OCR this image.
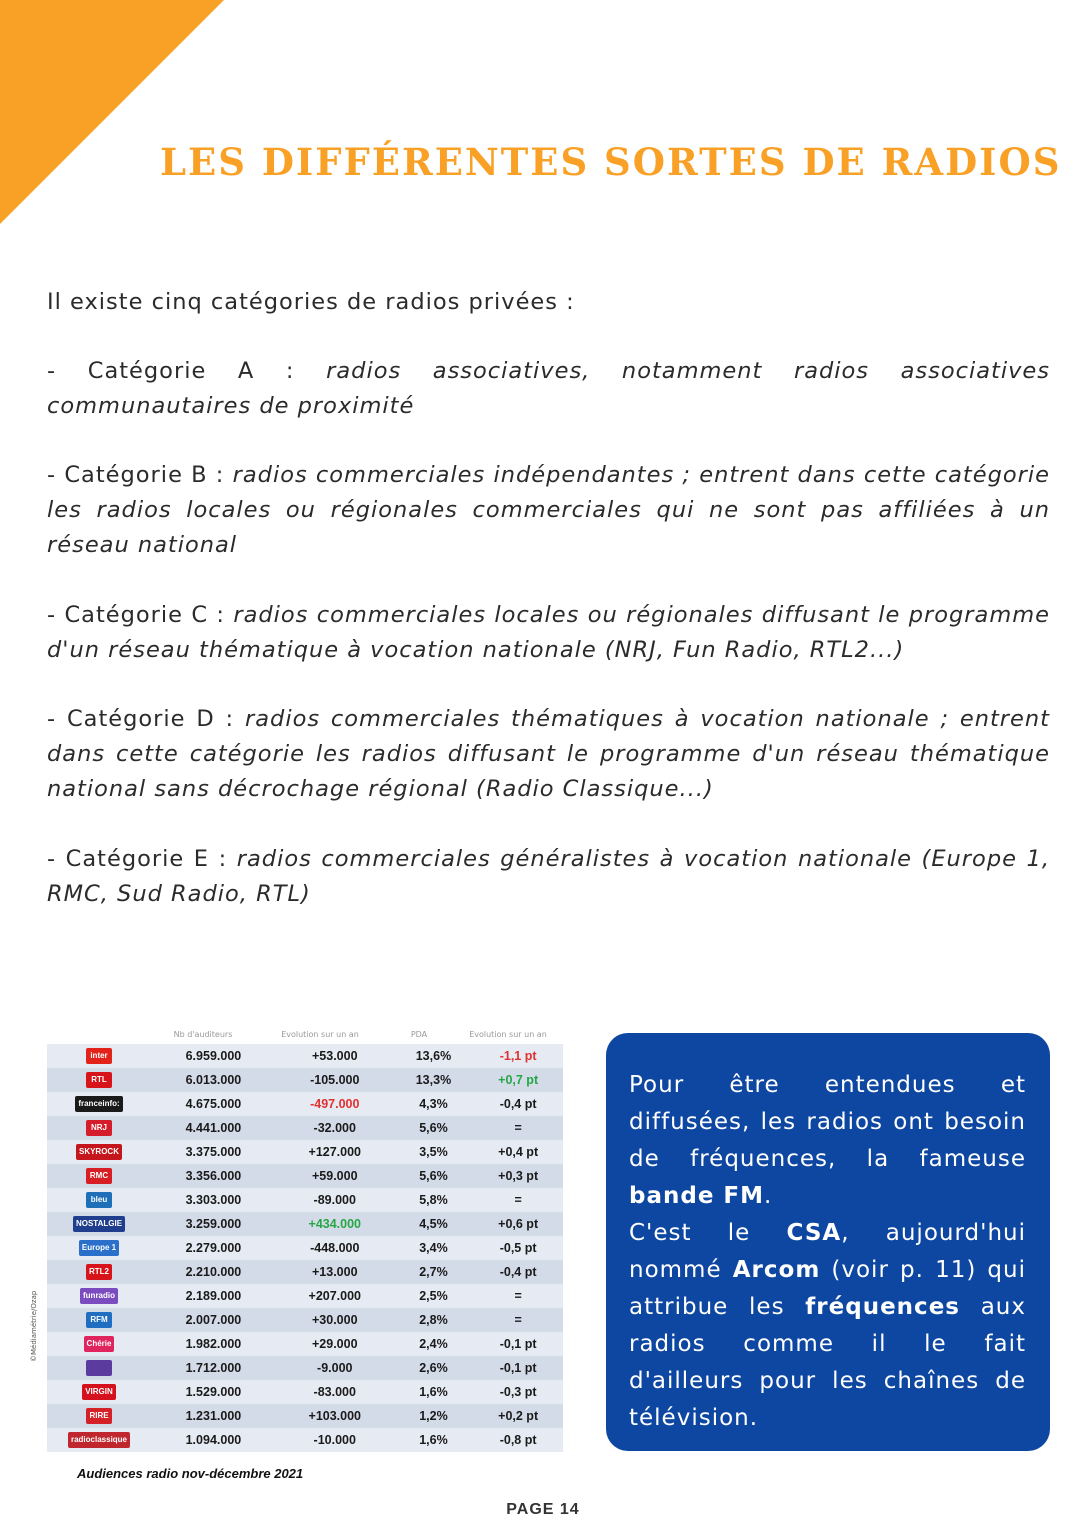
LES DIFFÉRENTES SORTES DE RADIOS

Il existe cinq catégories de radios privées :

- Catégorie A : radios associatives, notamment radios associatives communautaires de proximité

- Catégorie B : radios commerciales indépendantes ; entrent dans cette catégorie les radios locales ou régionales commerciales qui ne sont pas affiliées à un réseau national

- Catégorie C : radios commerciales locales ou régionales diffusant le programme d'un réseau thématique à vocation nationale (NRJ, Fun Radio, RTL2...)

- Catégorie D : radios commerciales thématiques à vocation nationale ; entrent dans cette catégorie les radios diffusant le programme d'un réseau thématique national sans décrochage régional (Radio Classique...)

- Catégorie E : radios commerciales généralistes à vocation nationale (Europe 1, RMC, Sud Radio, RTL)

Nb d'auditeurs	Evolution sur un an	PDA	Evolution sur un an
inter	6.959.000	+53.000	13,6%	-1,1 pt
RTL	6.013.000	-105.000	13,3%	+0,7 pt
franceinfo:	4.675.000	-497.000	4,3%	-0,4 pt
NRJ	4.441.000	-32.000	5,6%	=
SKYROCK	3.375.000	+127.000	3,5%	+0,4 pt
RMC	3.356.000	+59.000	5,6%	+0,3 pt
bleu	3.303.000	-89.000	5,8%	=
NOSTALGIE	3.259.000	+434.000	4,5%	+0,6 pt
Europe 1	2.279.000	-448.000	3,4%	-0,5 pt
RTL2	2.210.000	+13.000	2,7%	-0,4 pt
funradio	2.189.000	+207.000	2,5%	=
RFM	2.007.000	+30.000	2,8%	=
Chérie	1.982.000	+29.000	2,4%	-0,1 pt
	1.712.000	-9.000	2,6%	-0,1 pt
VIRGIN	1.529.000	-83.000	1,6%	-0,3 pt
RIRE	1.231.000	+103.000	1,2%	+0,2 pt
radioclassique	1.094.000	-10.000	1,6%	-0,8 pt
©Médiamétrie/Ozap
Audiences radio nov-décembre 2021

Pour être entendues et diffusées, les radios ont besoin de fréquences, la fameuse bande FM.
C'est le CSA, aujourd'hui nommé Arcom (voir p. 11) qui attribue les fréquences aux radios comme il le fait d'ailleurs pour les chaînes de télévision.

PAGE 14
